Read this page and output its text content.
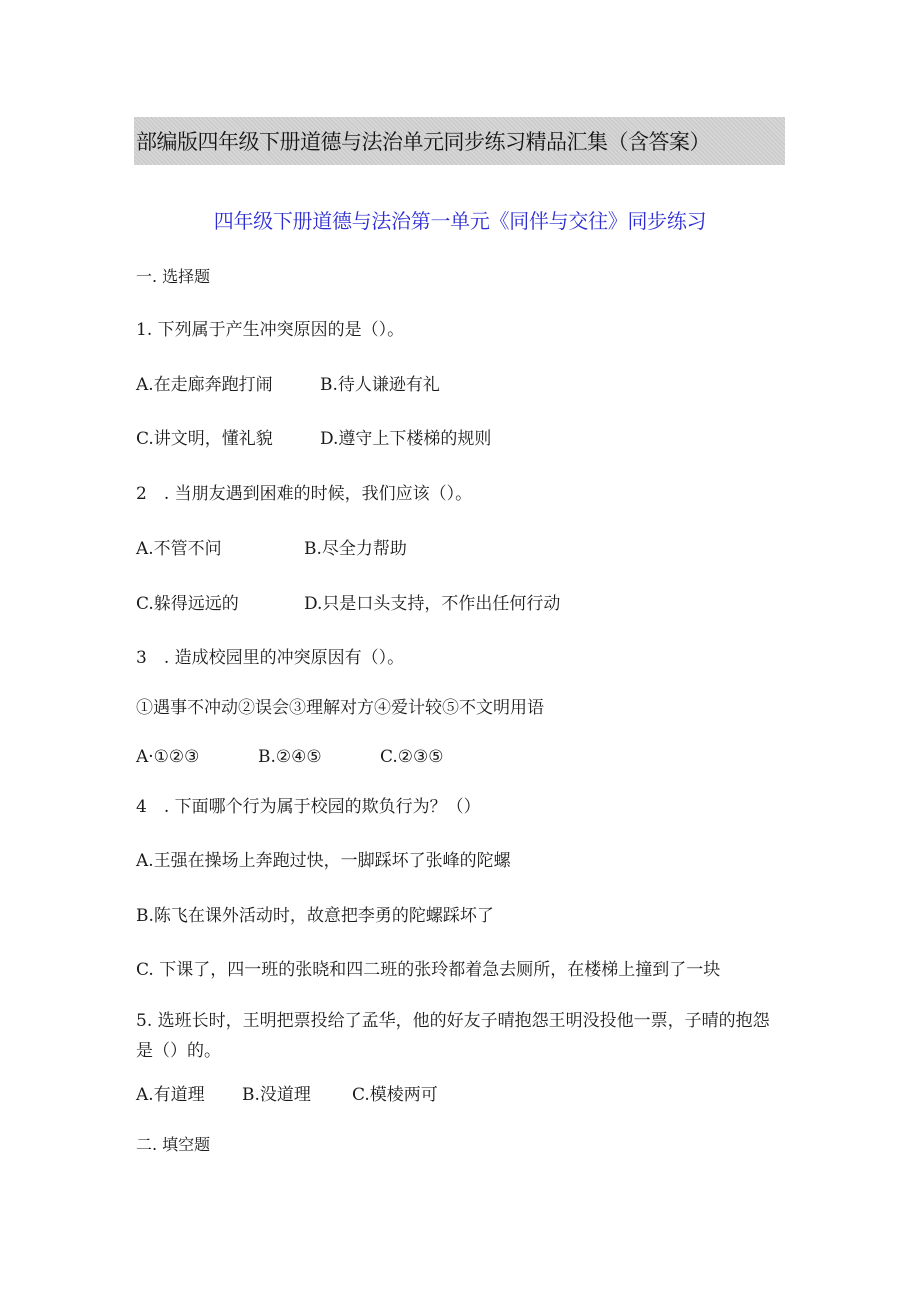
部编版四年级下册道德与法治单元同步练习精品汇集（含答案）
四年级下册道德与法治第一单元《同伴与交往》同步练习
一. 选择题
1. 下列属于产生冲突原因的是（）。
A.在走廊奔跑打闹	B.待人谦逊有礼
C.讲文明，懂礼貌	D.遵守上下楼梯的规则
2　. 当朋友遇到困难的时候，我们应该（）。
A.不管不问	B.尽全力帮助
C.躲得远远的	D.只是口头支持，不作出任何行动
3　. 造成校园里的冲突原因有（）。
①遇事不冲动②误会③理解对方④爱计较⑤不文明用语
A·①②③	B.②④⑤	C.②③⑤
4　. 下面哪个行为属于校园的欺负行为？（）
A.王强在操场上奔跑过快，一脚踩坏了张峰的陀螺
B.陈飞在课外活动时，故意把李勇的陀螺踩坏了
C. 下课了，四一班的张晓和四二班的张玲都着急去厕所，在楼梯上撞到了一块
5. 选班长时，王明把票投给了孟华，他的好友子晴抱怨王明没投他一票，子晴的抱怨是（）的。
A.有道理 B.没道理 C.模棱两可
二. 填空题
